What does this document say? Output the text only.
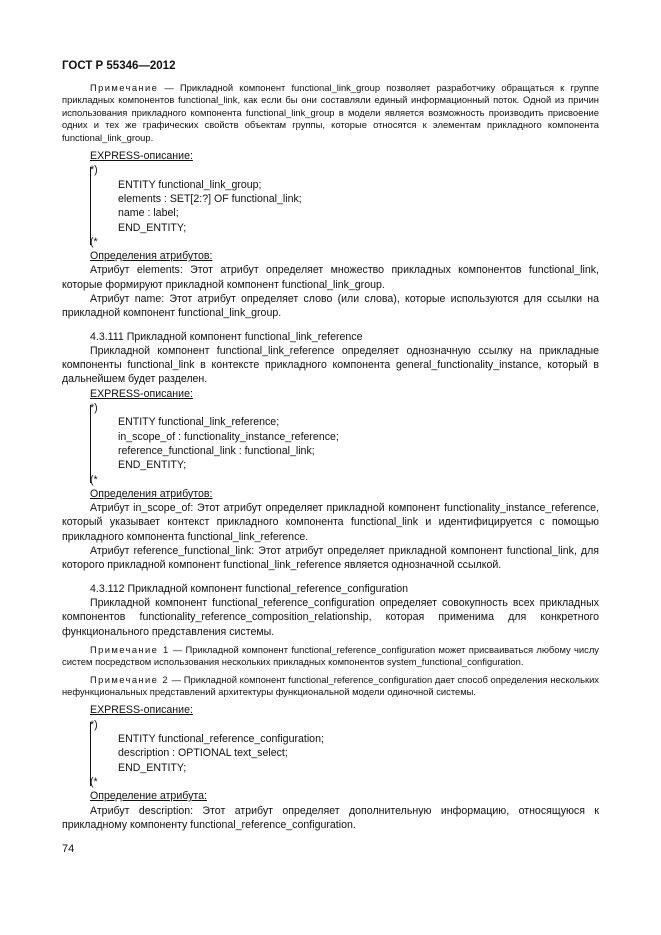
ГОСТ Р 55346—2012

Примечание — Прикладной компонент functional_link_group позволяет разработчику обращаться к группе прикладных компонентов functional_link, как если бы они составляли единый информационный поток. Одной из причин использования прикладного компонента functional_link_group в модели является возможность производить присвоение одних и тех же графических свойств объектам группы, которые относятся к элементам прикладного компонента functional_link_group.

EXPRESS-описание:

*)

ENTITY functional_link_group;

elements : SET[2:?] OF functional_link;

name : label;

END_ENTITY;

(*

Определения атрибутов:

Атрибут elements: Этот атрибут определяет множество прикладных компонентов functional_link, которые формируют прикладной компонент functional_link_group.

Атрибут name: Этот атрибут определяет слово (или слова), которые используются для ссылки на прикладной компонент functional_link_group.

4.3.111 Прикладной компонент functional_link_reference

Прикладной компонент functional_link_reference определяет однозначную ссылку на прикладные компоненты functional_link в контексте прикладного компонента general_functionality_instance, который в дальнейшем будет разделен.

EXPRESS-описание:

*)

ENTITY functional_link_reference;

in_scope_of : functionality_instance_reference;

reference_functional_link : functional_link;

END_ENTITY;

(*

Определения атрибутов:

Атрибут in_scope_of: Этот атрибут определяет прикладной компонент functionality_instance_reference, который указывает контекст прикладного компонента functional_link и идентифицируется с помощью прикладного компонента functional_link_reference.

Атрибут reference_functional_link: Этот атрибут определяет прикладной компонент functional_link, для которого прикладной компонент functional_link_reference является однозначной ссылкой.

4.3.112 Прикладной компонент functional_reference_configuration

Прикладной компонент functional_reference_configuration определяет совокупность всех прикладных компонентов functionality_reference_composition_relationship, которая применима для конкретного функционального представления системы.

Примечание 1 — Прикладной компонент functional_reference_configuration может присваиваться любому числу систем посредством использования нескольких прикладных компонентов system_functional_configuration.

Примечание 2 — Прикладной компонент functional_reference_configuration дает способ определения нескольких нефункциональных представлений архитектуры функциональной модели одиночной системы.

EXPRESS-описание:

*)

ENTITY functional_reference_configuration;

description : OPTIONAL text_select;

END_ENTITY;

(*

Определение атрибута:

Атрибут description: Этот атрибут определяет дополнительную информацию, относящуюся к прикладному компоненту functional_reference_configuration.

74
